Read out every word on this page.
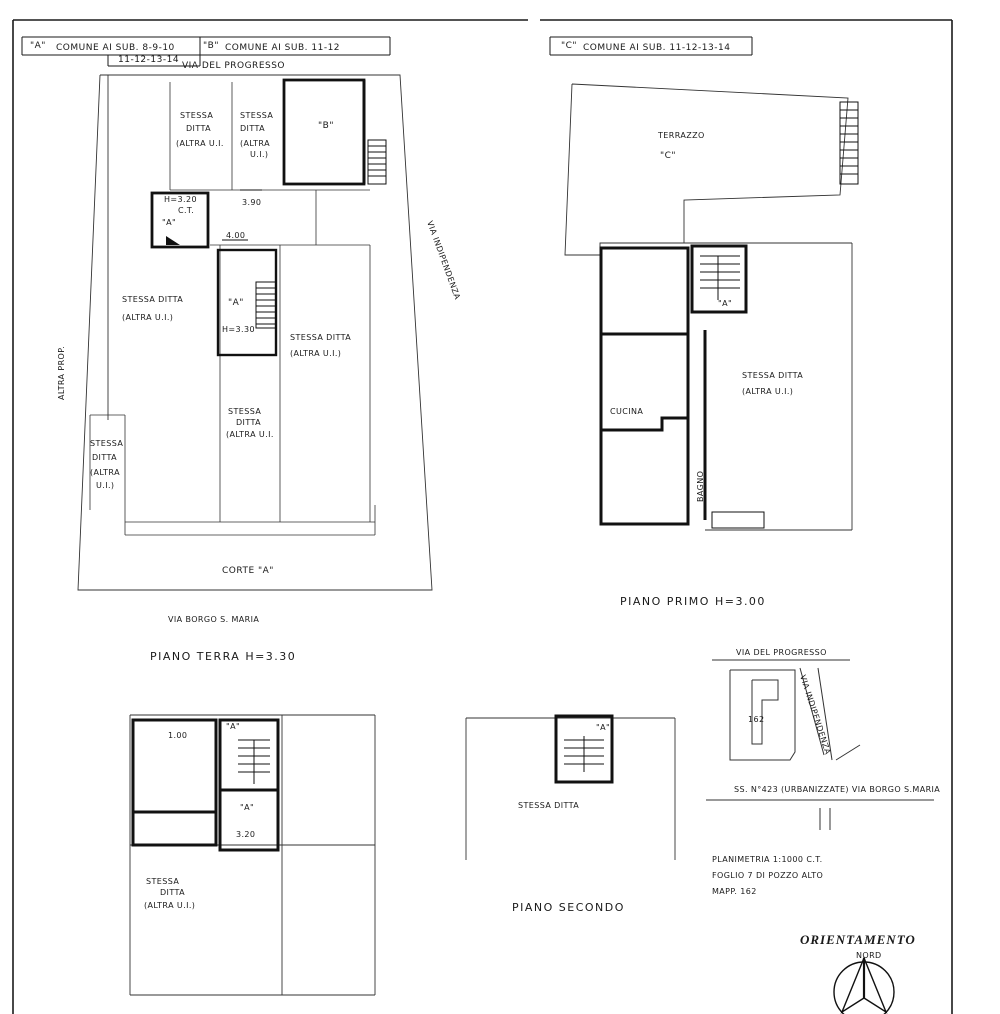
"A" COMUNE AI SUB. 8-9-10
11-12-13-14
"B" COMUNE AI SUB. 11-12	"C" COMUNE AI SUB. 11-12-13-14
VIA DEL PROGRESSO
STESSA
DITTA
(ALTRA U.I.
STESSA
DITTA
(ALTRA
U.I.)
"B"
H=3.20
C.T.
"A"
3.90
4.00
STESSA DITTA
(ALTRA U.I.)
"A"
H=3.30
STESSA DITTA
(ALTRA U.I.)
STESSA
DITTA
(ALTRA U.I.
STESSA
DITTA
(ALTRA
U.I.)
CORTE "A"
ALTRA PROP.
VIA INDIPENDENZA
VIA BORGO S. MARIA
PIANO TERRA H=3.30
TERRAZZO
"C"
"A"
CUCINA
BAGNO
STESSA DITTA
(ALTRA U.I.)
PIANO PRIMO H=3.00
1.00
"A"
"A"
3.20
STESSA
DITTA
(ALTRA U.I.)
"A"
STESSA DITTA
PIANO SECONDO
VIA DEL PROGRESSO
VIA INDIPENDENZA
162
SS. N°423 (URBANIZZATE) VIA BORGO S.MARIA
PLANIMETRIA 1:1000 C.T.
FOGLIO 7 DI POZZO ALTO
MAPP. 162
ORIENTAMENTO
NORD
